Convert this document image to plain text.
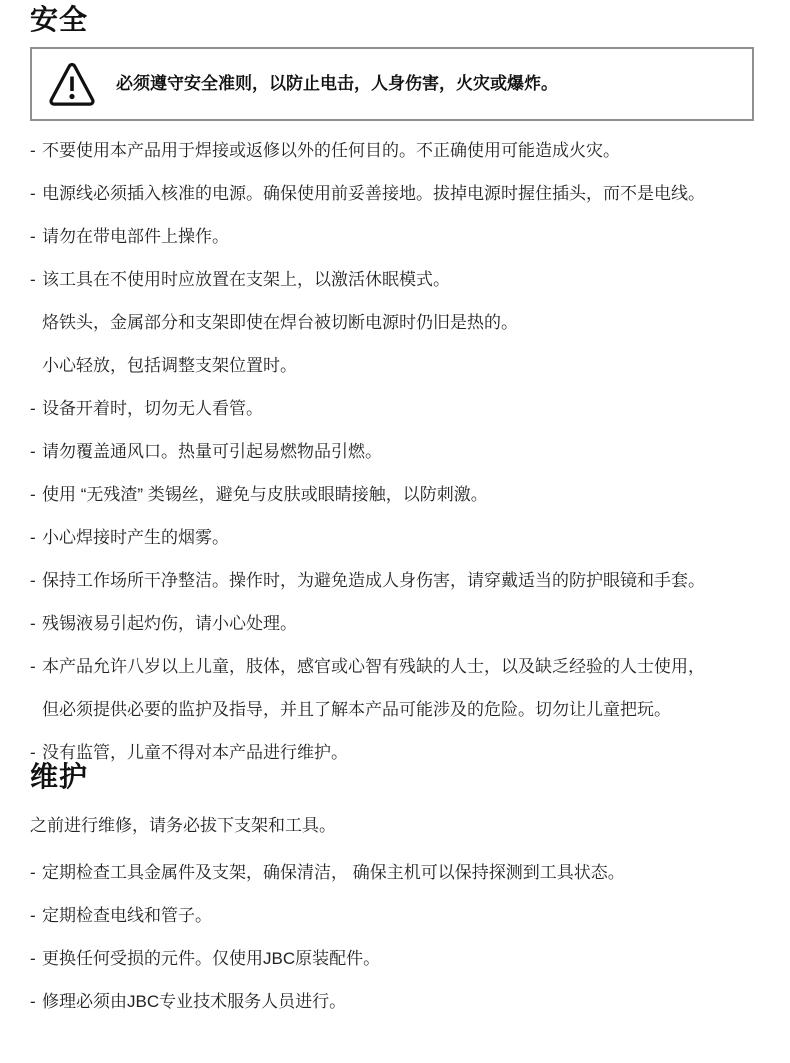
安全

必须遵守安全准则，以防止电击，人身伤害，火灾或爆炸。

- 不要使用本产品用于焊接或返修以外的任何目的。不正确使用可能造成火灾。
- 电源线必须插入核准的电源。确保使用前妥善接地。拔掉电源时握住插头，而不是电线。
- 请勿在带电部件上操作。
- 该工具在不使用时应放置在支架上，以激活休眠模式。
烙铁头，金属部分和支架即使在焊台被切断电源时仍旧是热的。
小心轻放，包括调整支架位置时。
- 设备开着时，切勿无人看管。
- 请勿覆盖通风口。热量可引起易燃物品引燃。
- 使用 “无残渣” 类锡丝，避免与皮肤或眼睛接触，以防刺激。
- 小心焊接时产生的烟雾。
- 保持工作场所干净整洁。操作时，为避免造成人身伤害，请穿戴适当的防护眼镜和手套。
- 残锡液易引起灼伤，请小心处理。
- 本产品允许八岁以上儿童，肢体，感官或心智有残缺的人士，以及缺乏经验的人士使用，
但必须提供必要的监护及指导，并且了解本产品可能涉及的危险。切勿让儿童把玩。
- 没有监管，儿童不得对本产品进行维护。
维护

之前进行维修，请务必拔下支架和工具。

- 定期检查工具金属件及支架，确保清洁， 确保主机可以保持探测到工具状态。
- 定期检查电线和管子。
- 更换任何受损的元件。仅使用JBC原装配件。
- 修理必须由JBC专业技术服务人员进行。
